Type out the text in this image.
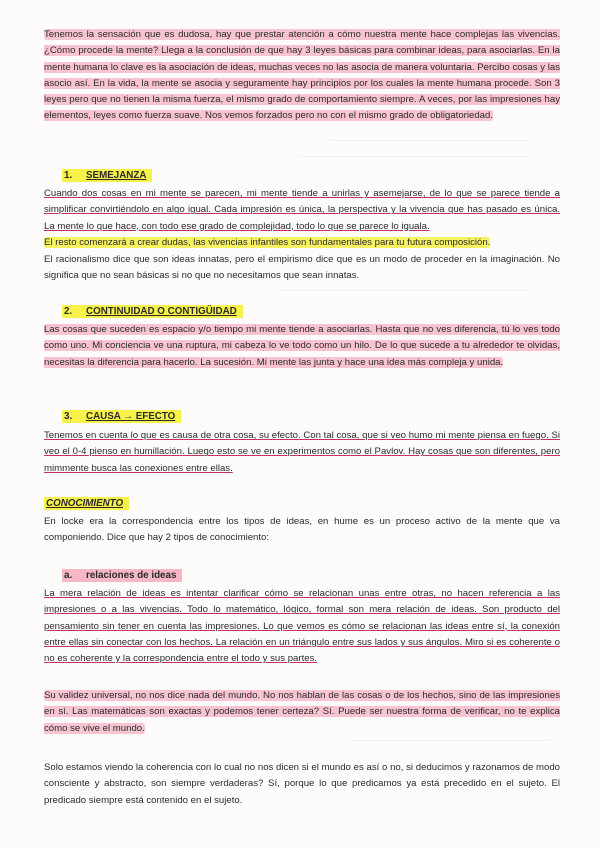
Tenemos la sensación que es dudosa, hay que prestar atención a cómo nuestra mente hace complejas las vivencias. ¿Cómo procede la mente? Llega a la conclusión de que hay 3 leyes básicas para combinar ideas, para asociarlas. En la mente humana lo clave es la asociación de ideas, muchas veces no las asocia de manera voluntaria. Percibo cosas y las asocio así. En la vida, la mente se asocia y seguramente hay principios por los cuales la mente humana procede. Son 3 leyes pero que no tienen la misma fuerza, el mismo grado de comportamiento siempre. A veces, por las impresiones hay elementos, leyes como fuerza suave. Nos vemos forzados pero no con el mismo grado de obligatoriedad.

1. SEMEJANZA

Cuando dos cosas en mi mente se parecen, mi mente tiende a unirlas y asemejarse, de lo que se parece tiende a simplificar convirtiéndolo en algo igual. Cada impresión es única, la perspectiva y la vivencia que has pasado es única. La mente lo que hace, con todo ese grado de complejidad, todo lo que se parece lo iguala.

El resto comenzará a crear dudas, las vivencias infantiles son fundamentales para tu futura composición.

El racionalismo dice que son ideas innatas, pero el empirismo dice que es un modo de proceder en la imaginación. No significa que no sean básicas si no que no necesitamos que sean innatas.

2. CONTINUIDAD O CONTIGÜIDAD

Las cosas que suceden es espacio y/o tiempo mi mente tiende a asociarlas. Hasta que no ves diferencia, tú lo ves todo como uno. Mi conciencia ve una ruptura, mi cabeza lo ve todo como un hilo. De lo que sucede a tu alrededor te olvidas, necesitas la diferencia para hacerlo. La sucesión. Mi mente las junta y hace una idea más compleja y unida.

3. CAUSA → EFECTO

Tenemos en cuenta lo que es causa de otra cosa, su efecto. Con tal cosa, que si veo humo mi mente piensa en fuego. Si veo el 0-4 pienso en humillación. Luego esto se ve en experimentos como el Pavlov. Hay cosas que son diferentes, pero mimmente busca las conexiones entre ellas.

CONOCIMIENTO

En locke era la correspondencia entre los tipos de ideas, en hume es un proceso activo de la mente que va componiendo. Dice que hay 2 tipos de conocimiento:

a. relaciones de ideas

La mera relación de ideas es intentar clarificar cómo se relacionan unas entre otras, no hacen referencia a las impresiones o a las vivencias. Todo lo matemático, lógico, formal son mera relación de ideas. Son producto del pensamiento sin tener en cuenta las impresiones. Lo que vemos es cómo se relacionan las ideas entre sí, la conexión entre ellas sin conectar con los hechos. La relación en un triángulo entre sus lados y sus ángulos. Miro si es coherente o no es coherente y la correspondencia entre el todo y sus partes.

Su validez universal, no nos dice nada del mundo. No nos hablan de las cosas o de los hechos, sino de las impresiones en sí. Las matemáticas son exactas y podemos tener certeza? Sí. Puede ser nuestra forma de verificar, no te explica cómo se vive el mundo.

Solo estamos viendo la coherencia con lo cual no nos dicen si el mundo es así o no, si deducimos y razonamos de modo consciente y abstracto, son siempre verdaderas? Sí, porque lo que predicamos ya está precedido en el sujeto. El predicado siempre está contenido en el sujeto.
